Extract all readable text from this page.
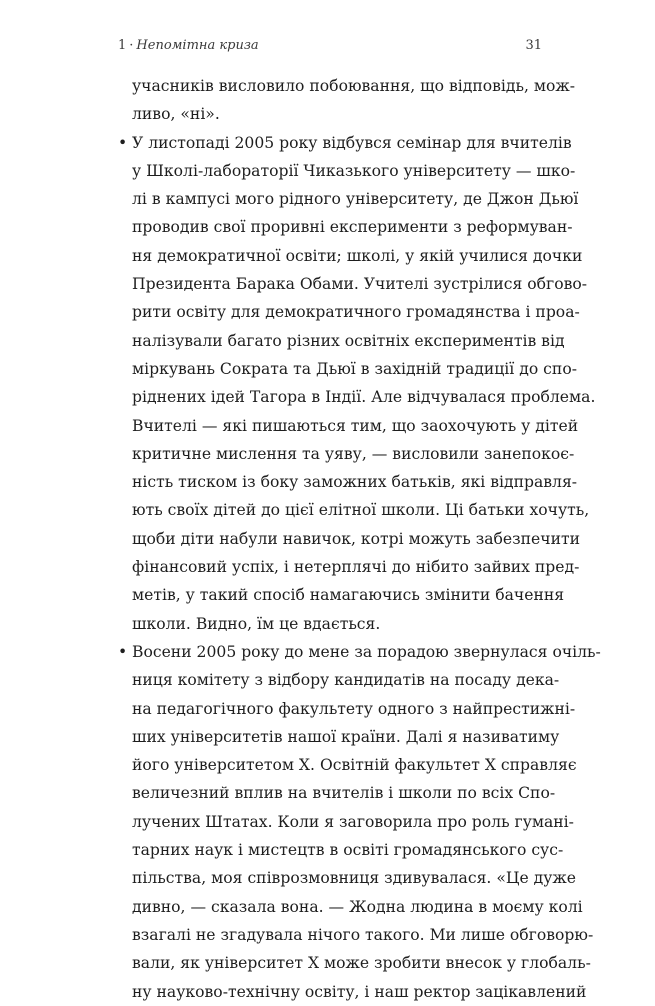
1 · Непомітна криза	31
учасників висловило побоювання, що відповідь, мож-
ливо, «ні».
• У листопаді 2005 року відбувся семінар для вчителів
у Школі-лабораторії Чиказького університету — шко-
лі в кампусі мого рідного університету, де Джон Дьюї
проводив свої проривні експерименти з реформуван-
ня демократичної освіти; школі, у якій училися дочки
Президента Барака Обами. Учителі зустрілися обгово-
рити освіту для демократичного громадянства і проа-
налізували багато різних освітніх експериментів від
міркувань Сократа та Дьюї в західній традиції до спо-
ріднених ідей Тагора в Індії. Але відчувалася проблема.
Вчителі — які пишаються тим, що заохочують у дітей
критичне мислення та уяву, — висловили занепокоє-
ність тиском із боку заможних батьків, які відправля-
ють своїх дітей до цієї елітної школи. Ці батьки хочуть,
щоби діти набули навичок, котрі можуть забезпечити
фінансовий успіх, і нетерплячі до нібито зайвих пред-
метів, у такий спосіб намагаючись змінити бачення
школи. Видно, їм це вдається.
• Восени 2005 року до мене за порадою звернулася очіль-
ниця комітету з відбору кандидатів на посаду дека-
на педагогічного факультету одного з найпрестижні-
ших університетів нашої країни. Далі я називатиму
його університетом X. Освітній факультет X справляє
величезний вплив на вчителів і школи по всіх Спо-
лучених Штатах. Коли я заговорила про роль гумані-
тарних наук і мистецтв в освіті громадянського сус-
пільства, моя співрозмовниця здивувалася. «Це дуже
дивно, — сказала вона. — Жодна людина в моєму колі
взагалі не згадувала нічого такого. Ми лише обговорю-
вали, як університет X може зробити внесок у глобаль-
ну науково-технічну освіту, і наш ректор зацікавлений
